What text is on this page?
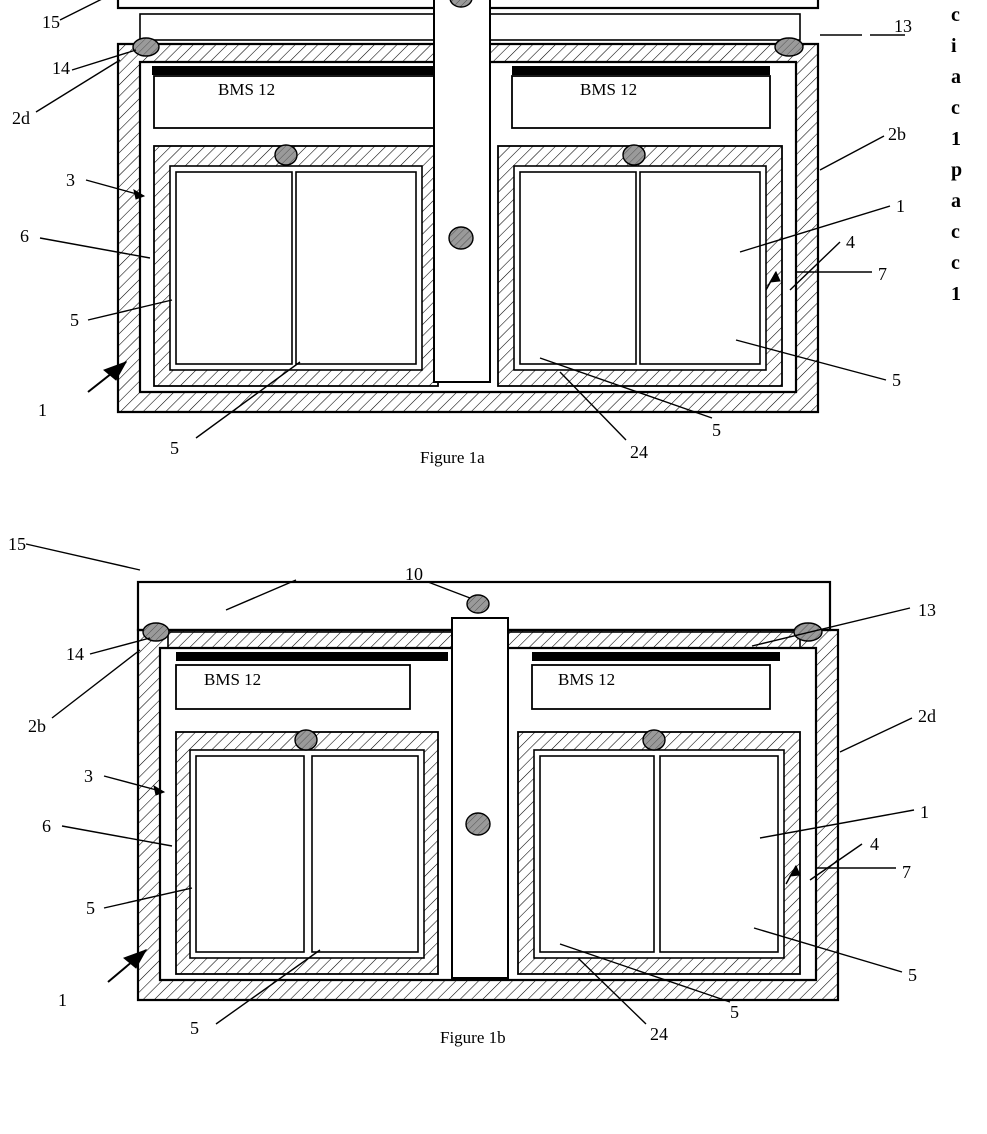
15	13
14
2d
2b
3
1
6	4
7
5
5
1
5
5
24
BMS 12	BMS 12
Figure 1a
15
10
13
14
2d
2b
3
1
6
4
7
5
5
1
5
5
24
BMS 12	BMS 12
Figure 1b
c
i
a
c
1
p
a
c
c
1
